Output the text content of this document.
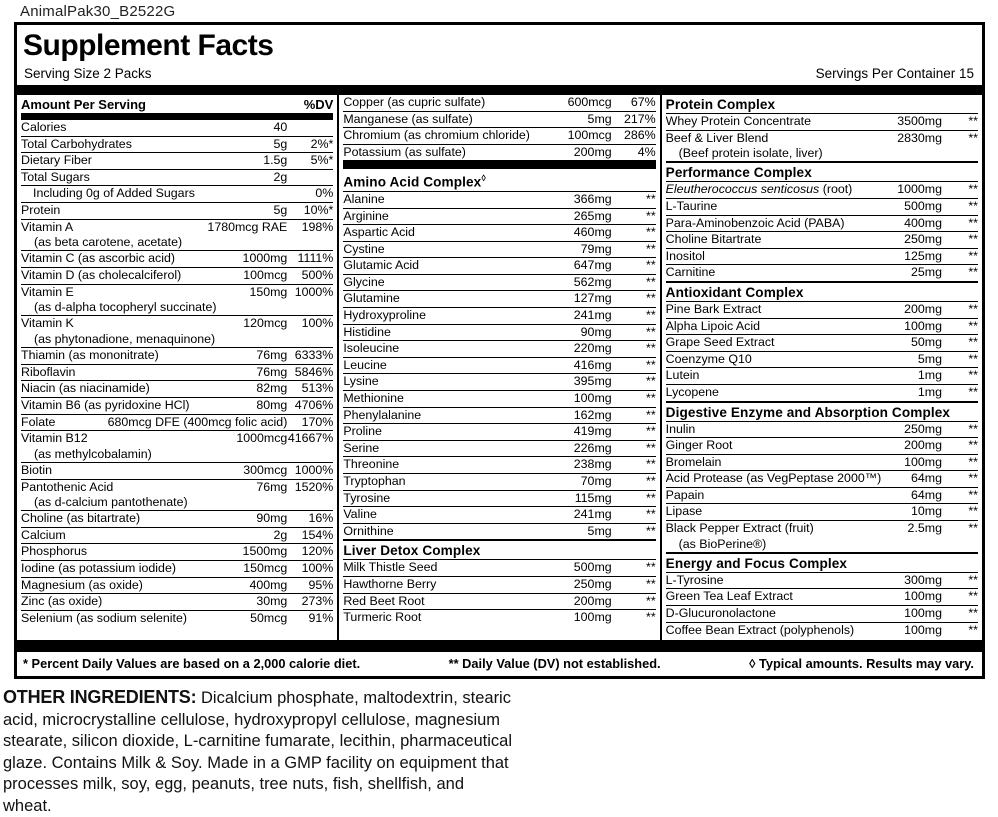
AnimalPak30_B2522G
Supplement Facts
Serving Size 2 Packs	Servings Per Container 15
Amount Per Serving	%DV
Calories	40
Total Carbohydrates	5g	2%*
Dietary Fiber	1.5g	5%*
Total Sugars	2g
Including 0g of Added Sugars	0%
Protein	5g	10%*
Vitamin A	1780mcg RAE	198%
(as beta carotene, acetate)
Vitamin C (as ascorbic acid)	1000mg 1111%
Vitamin D (as cholecalciferol)	100mcg	500%
Vitamin E	150mg 1000%
(as d-alpha tocopheryl succinate)
Vitamin K	120mcg	100%
(as phytonadione, menaquinone)
Thiamin (as mononitrate)	76mg 6333%
Riboflavin	76mg 5846%
Niacin (as niacinamide)	82mg	513%
Vitamin B6 (as pyridoxine HCl)	80mg 4706%
Folate	680mcg DFE (400mcg folic acid)	170%
Vitamin B12	1000mcg 41667%
(as methylcobalamin)
Biotin	300mcg 1000%
Pantothenic Acid	76mg 1520%
(as d-calcium pantothenate)
Choline (as bitartrate)	90mg	16%
Calcium	2g	154%
Phosphorus	1500mg	120%
Iodine (as potassium iodide)	150mcg	100%
Magnesium (as oxide)	400mg	95%
Zinc (as oxide)	30mg	273%
Selenium (as sodium selenite)	50mcg	91%
Copper (as cupric sulfate)	600mcg	67%
Manganese (as sulfate)	5mg 217%
Chromium (as chromium chloride)	100mcg 286%
Potassium (as sulfate)	200mg	4%
Amino Acid Complex◊
Alanine	366mg	**
Arginine	265mg	**
Aspartic Acid	460mg	**
Cystine	79mg	**
Glutamic Acid	647mg	**
Glycine	562mg	**
Glutamine	127mg	**
Hydroxyproline	241mg	**
Histidine	90mg	**
Isoleucine	220mg	**
Leucine	416mg	**
Lysine	395mg	**
Methionine	100mg	**
Phenylalanine	162mg	**
Proline	419mg	**
Serine	226mg	**
Threonine	238mg	**
Tryptophan	70mg	**
Tyrosine	115mg	**
Valine	241mg	**
Ornithine	5mg	**
Liver Detox Complex
Milk Thistle Seed	500mg	**
Hawthorne Berry	250mg	**
Red Beet Root	200mg	**
Turmeric Root	100mg	**
Protein Complex
Whey Protein Concentrate	3500mg	**
Beef & Liver Blend	2830mg	**
(Beef protein isolate, liver)
Performance Complex
Eleutherococcus senticosus (root)	1000mg	**
L-Taurine	500mg	**
Para-Aminobenzoic Acid (PABA)	400mg	**
Choline Bitartrate	250mg	**
Inositol	125mg	**
Carnitine	25mg	**
Antioxidant Complex
Pine Bark Extract	200mg	**
Alpha Lipoic Acid	100mg	**
Grape Seed Extract	50mg	**
Coenzyme Q10	5mg	**
Lutein	1mg	**
Lycopene	1mg	**
Digestive Enzyme and Absorption Complex
Inulin	250mg	**
Ginger Root	200mg	**
Bromelain	100mg	**
Acid Protease (as VegPeptase 2000™)	64mg	**
Papain	64mg	**
Lipase	10mg	**
Black Pepper Extract (fruit)	2.5mg	**
(as BioPerine®)
Energy and Focus Complex
L-Tyrosine	300mg	**
Green Tea Leaf Extract	100mg	**
D-Glucuronolactone	100mg	**
Coffee Bean Extract (polyphenols)	100mg	**
* Percent Daily Values are based on a 2,000 calorie diet.	** Daily Value (DV) not established.	◊ Typical amounts. Results may vary.

OTHER INGREDIENTS: Dicalcium phosphate, maltodextrin, stearic acid, microcrystalline cellulose, hydroxypropyl cellulose, magnesium stearate, silicon dioxide, L-carnitine fumarate, lecithin, pharmaceutical glaze. Contains Milk & Soy. Made in a GMP facility on equipment that processes milk, soy, egg, peanuts, tree nuts, fish, shellfish, and wheat.
